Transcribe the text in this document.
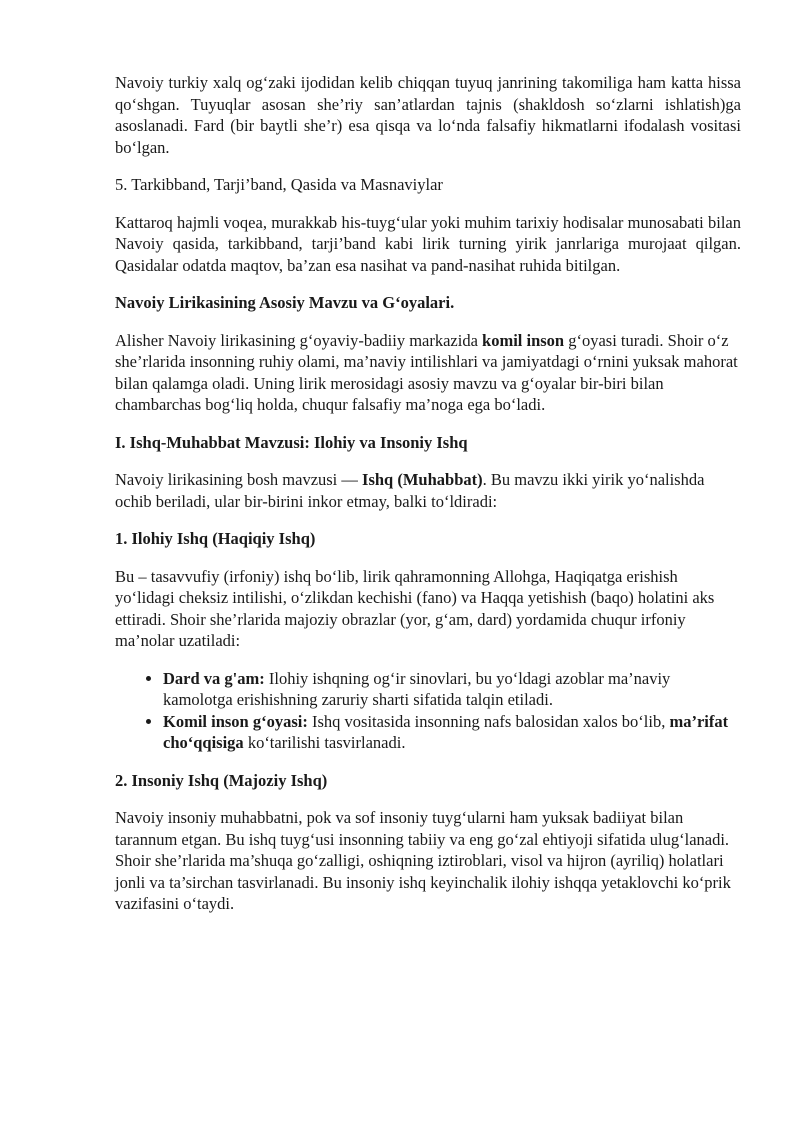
Navoiy turkiy xalq og‘zaki ijodidan kelib chiqqan tuyuq janrining takomiliga ham katta hissa qo‘shgan. Tuyuqlar asosan she’riy san’atlardan tajnis (shakldosh so‘zlarni ishlatish)ga asoslanadi. Fard (bir baytli she’r) esa qisqa va lo‘nda falsafiy hikmatlarni ifodalash vositasi bo‘lgan.

5. Tarkibband, Tarji’band, Qasida va Masnaviylar

Kattaroq hajmli voqea, murakkab his-tuyg‘ular yoki muhim tarixiy hodisalar munosabati bilan Navoiy qasida, tarkibband, tarji’band kabi lirik turning yirik janrlariga murojaat qilgan. Qasidalar odatda maqtov, ba’zan esa nasihat va pand-nasihat ruhida bitilgan.

Navoiy Lirikasining Asosiy Mavzu va G‘oyalari.

Alisher Navoiy lirikasining g‘oyaviy-badiiy markazida komil inson g‘oyasi turadi. Shoir o‘z she’rlarida insonning ruhiy olami, ma’naviy intilishlari va jamiyatdagi o‘rnini yuksak mahorat bilan qalamga oladi. Uning lirik merosidagi asosiy mavzu va g‘oyalar bir-biri bilan chambarchas bog‘liq holda, chuqur falsafiy ma’noga ega bo‘ladi.

I. Ishq-Muhabbat Mavzusi: Ilohiy va Insoniy Ishq

Navoiy lirikasining bosh mavzusi — Ishq (Muhabbat). Bu mavzu ikki yirik yo‘nalishda ochib beriladi, ular bir-birini inkor etmay, balki to‘ldiradi:

1. Ilohiy Ishq (Haqiqiy Ishq)

Bu – tasavvufiy (irfoniy) ishq bo‘lib, lirik qahramonning Allohga, Haqiqatga erishish yo‘lidagi cheksiz intilishi, o‘zlikdan kechishi (fano) va Haqqa yetishish (baqo) holatini aks ettiradi. Shoir she’rlarida majoziy obrazlar (yor, g‘am, dard) yordamida chuqur irfoniy ma’nolar uzatiladi:

• Dard va g'am: Ilohiy ishqning og‘ir sinovlari, bu yo‘ldagi azoblar ma’naviy kamolotga erishishning zaruriy sharti sifatida talqin etiladi.
• Komil inson g‘oyasi: Ishq vositasida insonning nafs balosidan xalos bo‘lib, ma’rifat cho‘qqisiga ko‘tarilishi tasvirlanadi.

2. Insoniy Ishq (Majoziy Ishq)

Navoiy insoniy muhabbatni, pok va sof insoniy tuyg‘ularni ham yuksak badiiyat bilan tarannum etgan. Bu ishq tuyg‘usi insonning tabiiy va eng go‘zal ehtiyoji sifatida ulug‘lanadi. Shoir she’rlarida ma’shuqa go‘zalligi, oshiqning iztiroblari, visol va hijron (ayriliq) holatlari jonli va ta’sirchan tasvirlanadi. Bu insoniy ishq keyinchalik ilohiy ishqqa yetaklovchi ko‘prik vazifasini o‘taydi.
